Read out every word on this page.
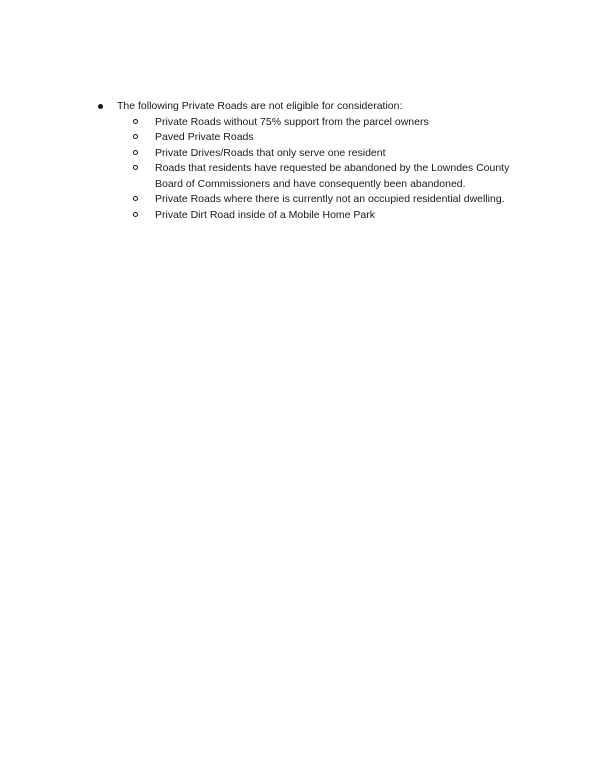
The following Private Roads are not eligible for consideration:
Private Roads without 75% support from the parcel owners
Paved Private Roads
Private Drives/Roads that only serve one resident
Roads that residents have requested be abandoned by the Lowndes County Board of Commissioners and have consequently been abandoned.
Private Roads where there is currently not an occupied residential dwelling.
Private Dirt Road inside of a Mobile Home Park
